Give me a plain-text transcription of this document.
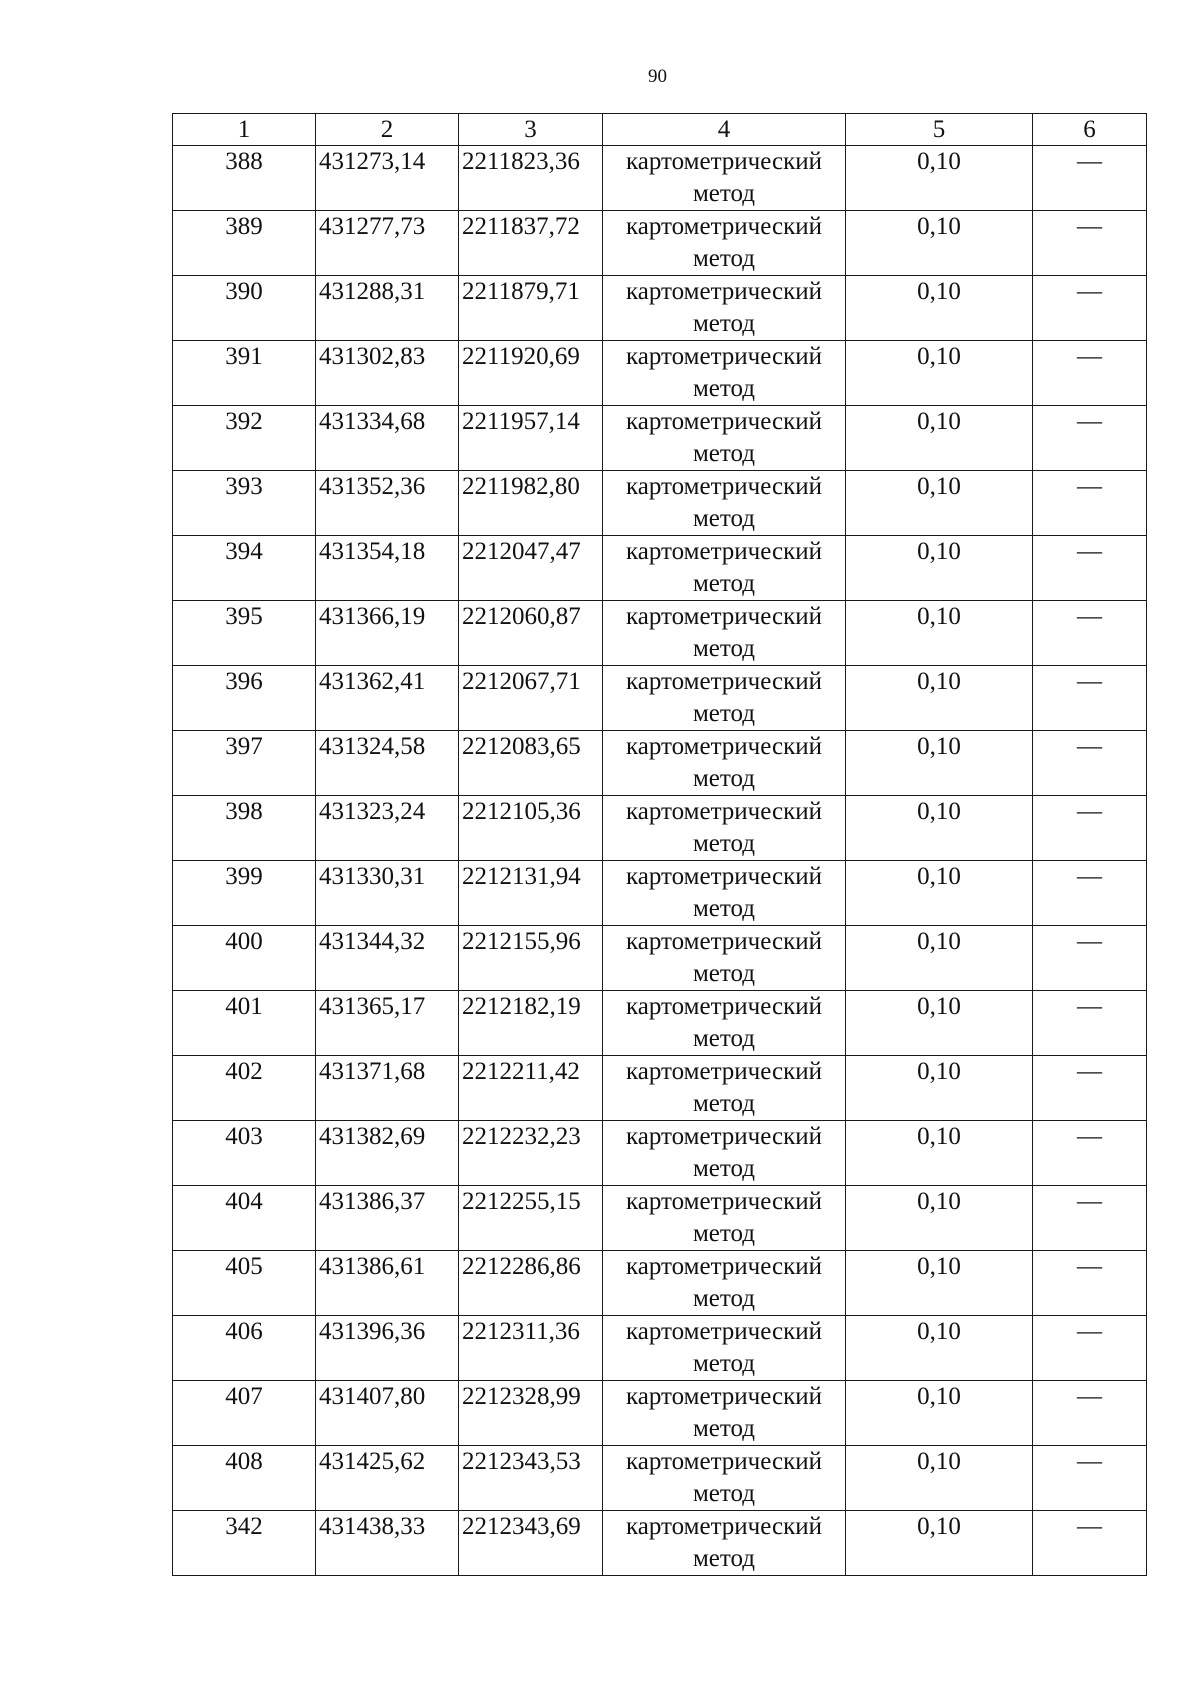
90
1	2	3	4	5	6
388	431273,14	2211823,36	картометрический метод	0,10	—
389	431277,73	2211837,72	картометрический метод	0,10	—
390	431288,31	2211879,71	картометрический метод	0,10	—
391	431302,83	2211920,69	картометрический метод	0,10	—
392	431334,68	2211957,14	картометрический метод	0,10	—
393	431352,36	2211982,80	картометрический метод	0,10	—
394	431354,18	2212047,47	картометрический метод	0,10	—
395	431366,19	2212060,87	картометрический метод	0,10	—
396	431362,41	2212067,71	картометрический метод	0,10	—
397	431324,58	2212083,65	картометрический метод	0,10	—
398	431323,24	2212105,36	картометрический метод	0,10	—
399	431330,31	2212131,94	картометрический метод	0,10	—
400	431344,32	2212155,96	картометрический метод	0,10	—
401	431365,17	2212182,19	картометрический метод	0,10	—
402	431371,68	2212211,42	картометрический метод	0,10	—
403	431382,69	2212232,23	картометрический метод	0,10	—
404	431386,37	2212255,15	картометрический метод	0,10	—
405	431386,61	2212286,86	картометрический метод	0,10	—
406	431396,36	2212311,36	картометрический метод	0,10	—
407	431407,80	2212328,99	картометрический метод	0,10	—
408	431425,62	2212343,53	картометрический метод	0,10	—
342	431438,33	2212343,69	картометрический метод	0,10	—
